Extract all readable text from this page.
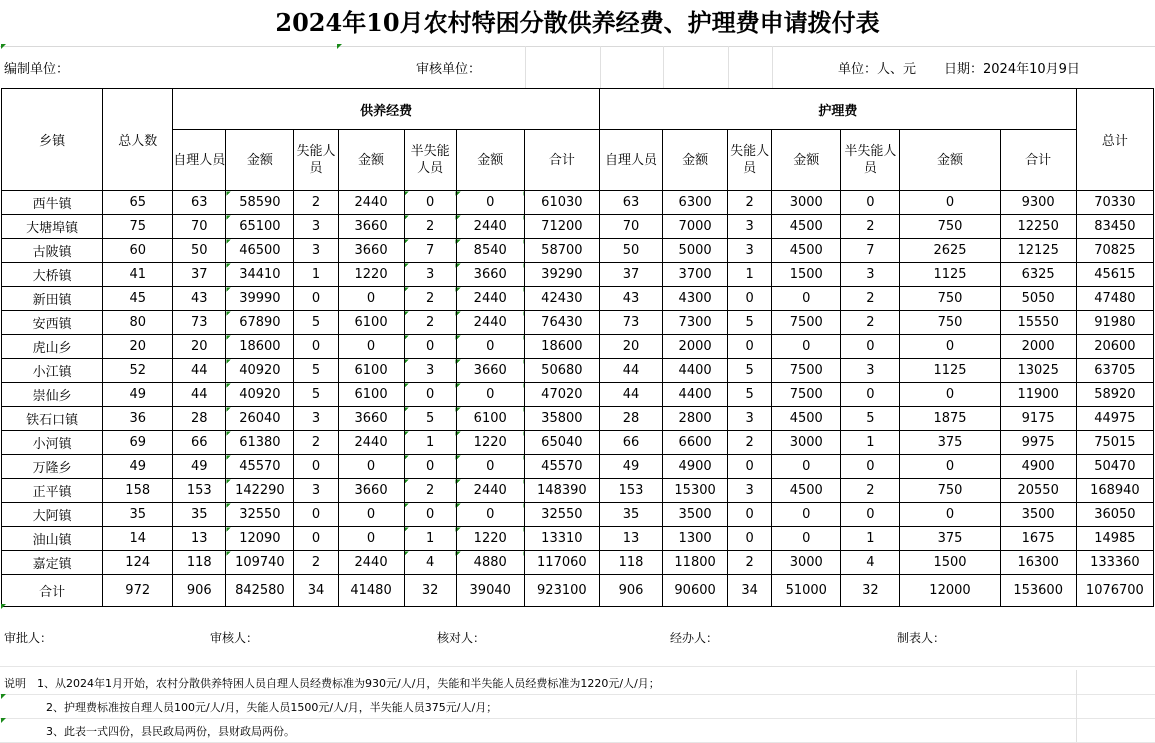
2024年10月农村特困分散供养经费、护理费申请拨付表
编制单位：	审核单位：	单位：人、元 日期：2024年10月9日
乡镇	总人数	供养经费							护理费							总计
		自理人员	金额	失能人员	金额	半失能人员	金额	合计	自理人员	金额	失能人员	金额	半失能人员	金额	合计	
西牛镇	65	63	58590	2	2440	0	0	61030	63	6300	2	3000	0	0	9300	70330
大塘埠镇	75	70	65100	3	3660	2	2440	71200	70	7000	3	4500	2	750	12250	83450
古陂镇	60	50	46500	3	3660	7	8540	58700	50	5000	3	4500	7	2625	12125	70825
大桥镇	41	37	34410	1	1220	3	3660	39290	37	3700	1	1500	3	1125	6325	45615
新田镇	45	43	39990	0	0	2	2440	42430	43	4300	0	0	2	750	5050	47480
安西镇	80	73	67890	5	6100	2	2440	76430	73	7300	5	7500	2	750	15550	91980
虎山乡	20	20	18600	0	0	0	0	18600	20	2000	0	0	0	0	2000	20600
小江镇	52	44	40920	5	6100	3	3660	50680	44	4400	5	7500	3	1125	13025	63705
崇仙乡	49	44	40920	5	6100	0	0	47020	44	4400	5	7500	0	0	11900	58920
铁石口镇	36	28	26040	3	3660	5	6100	35800	28	2800	3	4500	5	1875	9175	44975
小河镇	69	66	61380	2	2440	1	1220	65040	66	6600	2	3000	1	375	9975	75015
万隆乡	49	49	45570	0	0	0	0	45570	49	4900	0	0	0	0	4900	50470
正平镇	158	153	142290	3	3660	2	2440	148390	153	15300	3	4500	2	750	20550	168940
大阿镇	35	35	32550	0	0	0	0	32550	35	3500	0	0	0	0	3500	36050
油山镇	14	13	12090	0	0	1	1220	13310	13	1300	0	0	1	375	1675	14985
嘉定镇	124	118	109740	2	2440	4	4880	117060	118	11800	2	3000	4	1500	16300	133360
合计	972	906	842580	34	41480	32	39040	923100	906	90600	34	51000	32	12000	153600	1076700
审批人：	审核人：	核对人：	经办人：	制表人：
说明　1、从2024年1月开始，农村分散供养特困人员自理人员经费标准为930元/人/月，失能和半失能人员经费标准为1220元/人/月；
2、护理费标准按自理人员100元/人/月，失能人员1500元/人/月，半失能人员375元/人/月；
3、此表一式四份，县民政局两份，县财政局两份。
